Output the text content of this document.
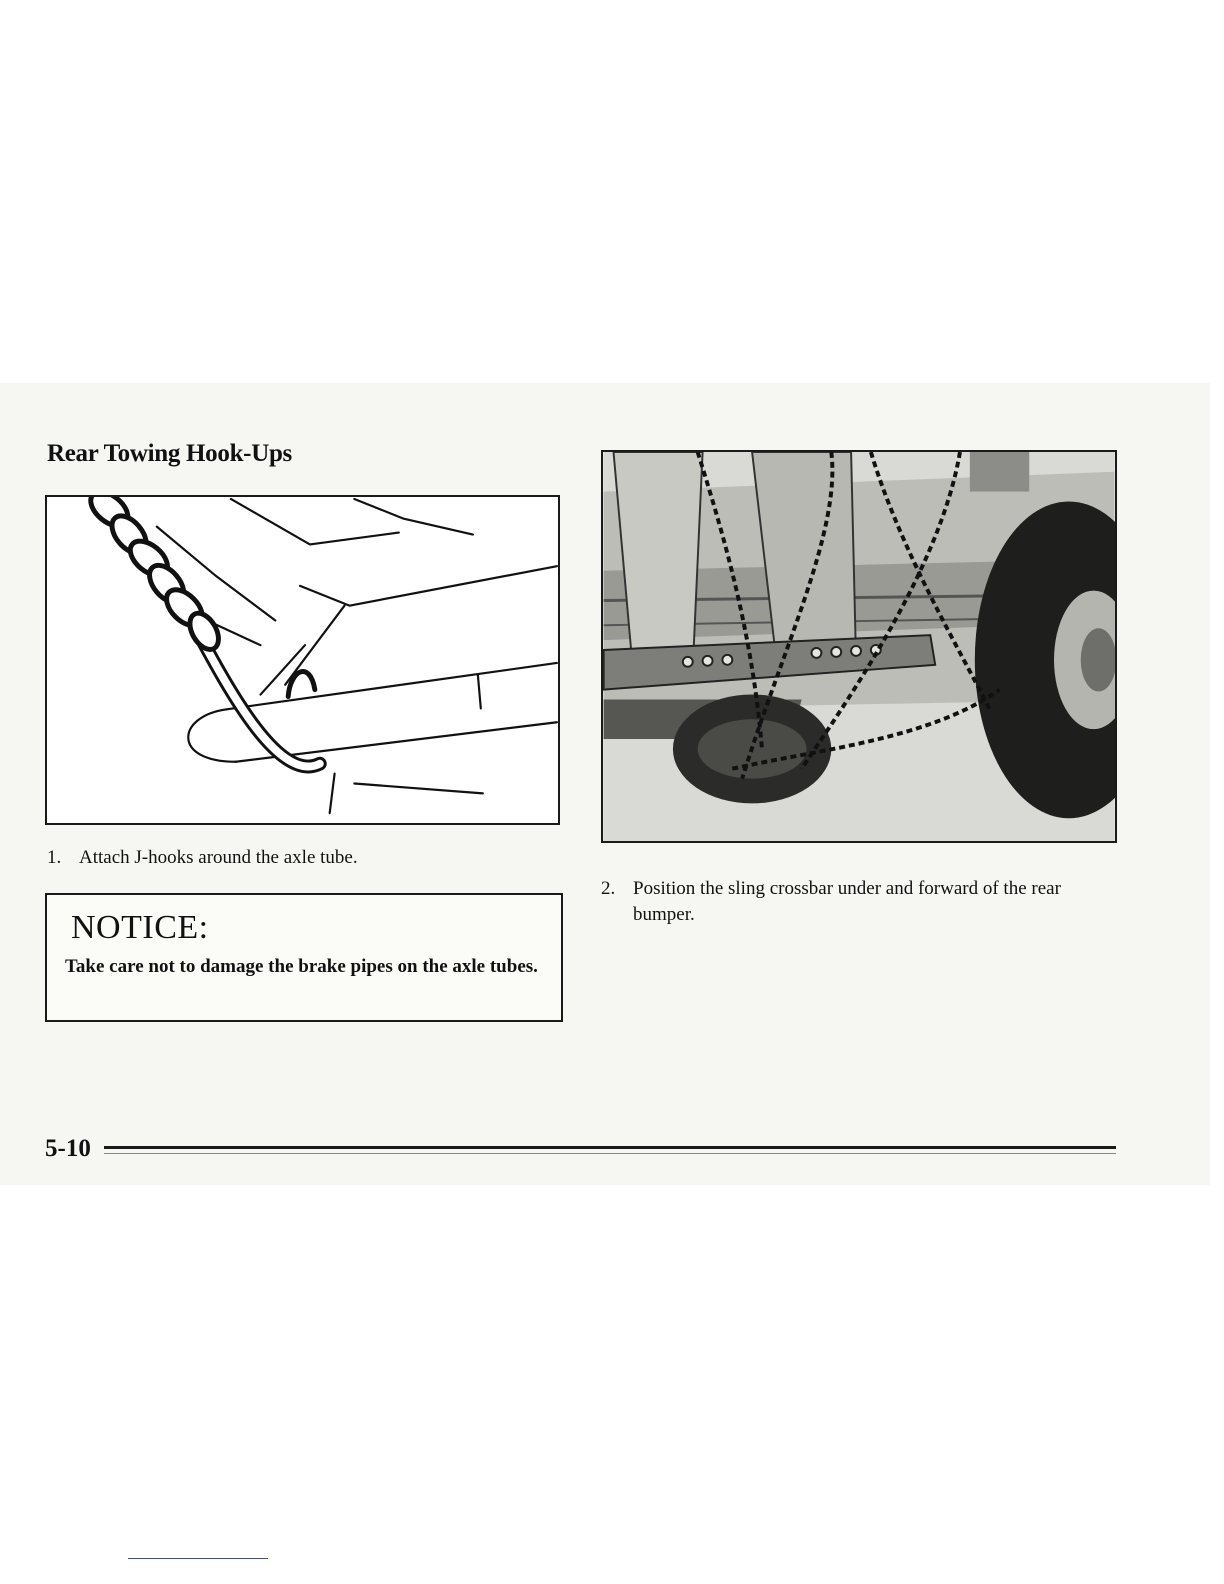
Rear Towing Hook-Ups
1. Attach J-hooks around the axle tube.
NOTICE:
Take care not to damage the brake pipes on the axle tubes.
2. Position the sling crossbar under and forward of the rear bumper.
5-10
